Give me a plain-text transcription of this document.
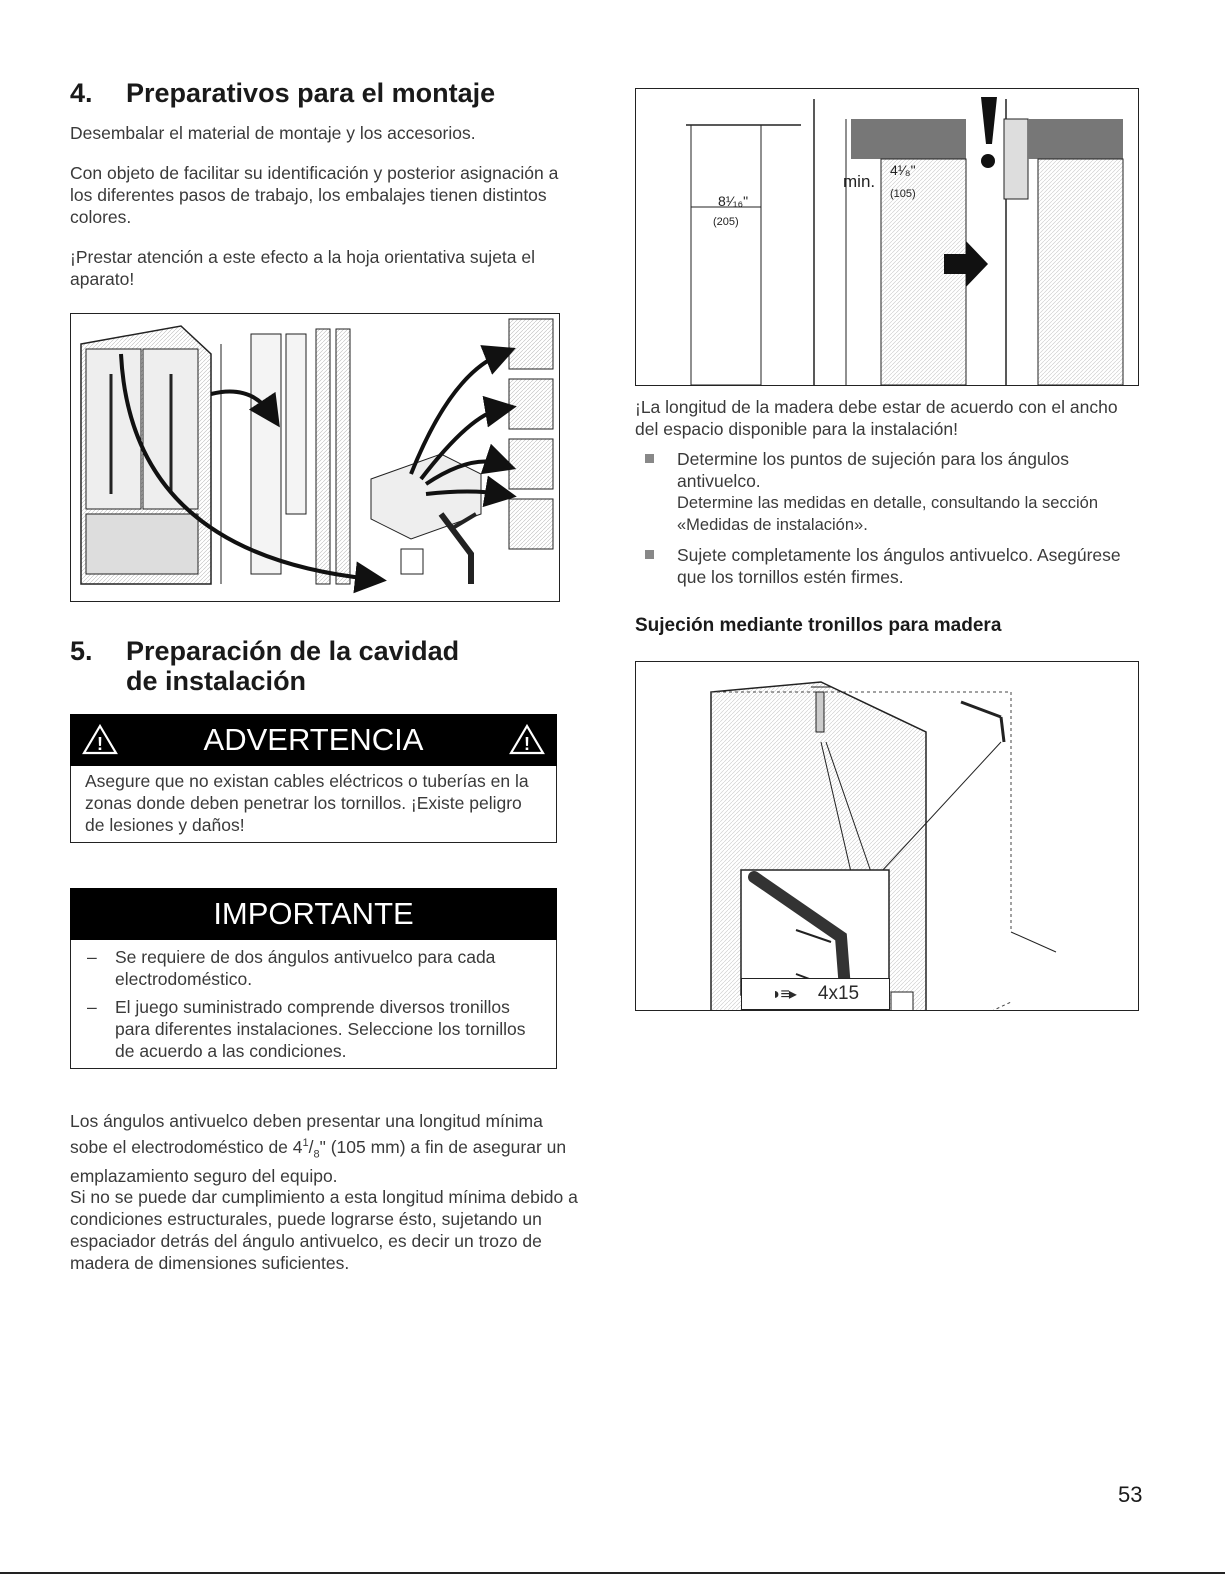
4. Preparativos para el montaje

Desembalar el material de montaje y los accesorios.

Con objeto de facilitar su identificación y posterior asignación a los diferentes pasos de trabajo, los embalajes tienen distintos colores.

¡Prestar atención a este efecto a la hoja orientativa sujeta el aparato!

5. Preparación de la cavidad
de instalación
!	ADVERTENCIA	!

Asegure que no existan cables eléctricos o tuberías en la zonas donde deben penetrar los tornillos. ¡Existe peligro de lesiones y daños!

IMPORTANTE

– Se requiere de dos ángulos antivuelco para cada electrodoméstico.

– El juego suministrado comprende diversos tronillos para diferentes instalaciones. Seleccione los tornillos de acuerdo a las condiciones.

Los ángulos antivuelco deben presentar una longitud mínima sobe el electrodoméstico de $4^1/_8$" (105 mm) a fin de asegurar un emplazamiento seguro del equipo.

Si no se puede dar cumplimiento a esta longitud mínima debido a condiciones estructurales, puede lograrse ésto, sujetando un espaciador detrás del ángulo antivuelco, es decir un trozo de madera de dimensiones suficientes.

8¹⁄₁₆"
(205)
min.
4¹⁄₈"
(105)

¡La longitud de la madera debe estar de acuerdo con el ancho del espacio disponible para la instalación!

Determine los puntos de sujeción para los ángulos antivuelco.

Determine las medidas en detalle, consultando la sección «Medidas de instalación».

Sujete completamente los ángulos antivuelco. Asegúrese que los tornillos estén firmes.

Sujeción mediante tronillos para madera
◗≡▸ 4x15
53
